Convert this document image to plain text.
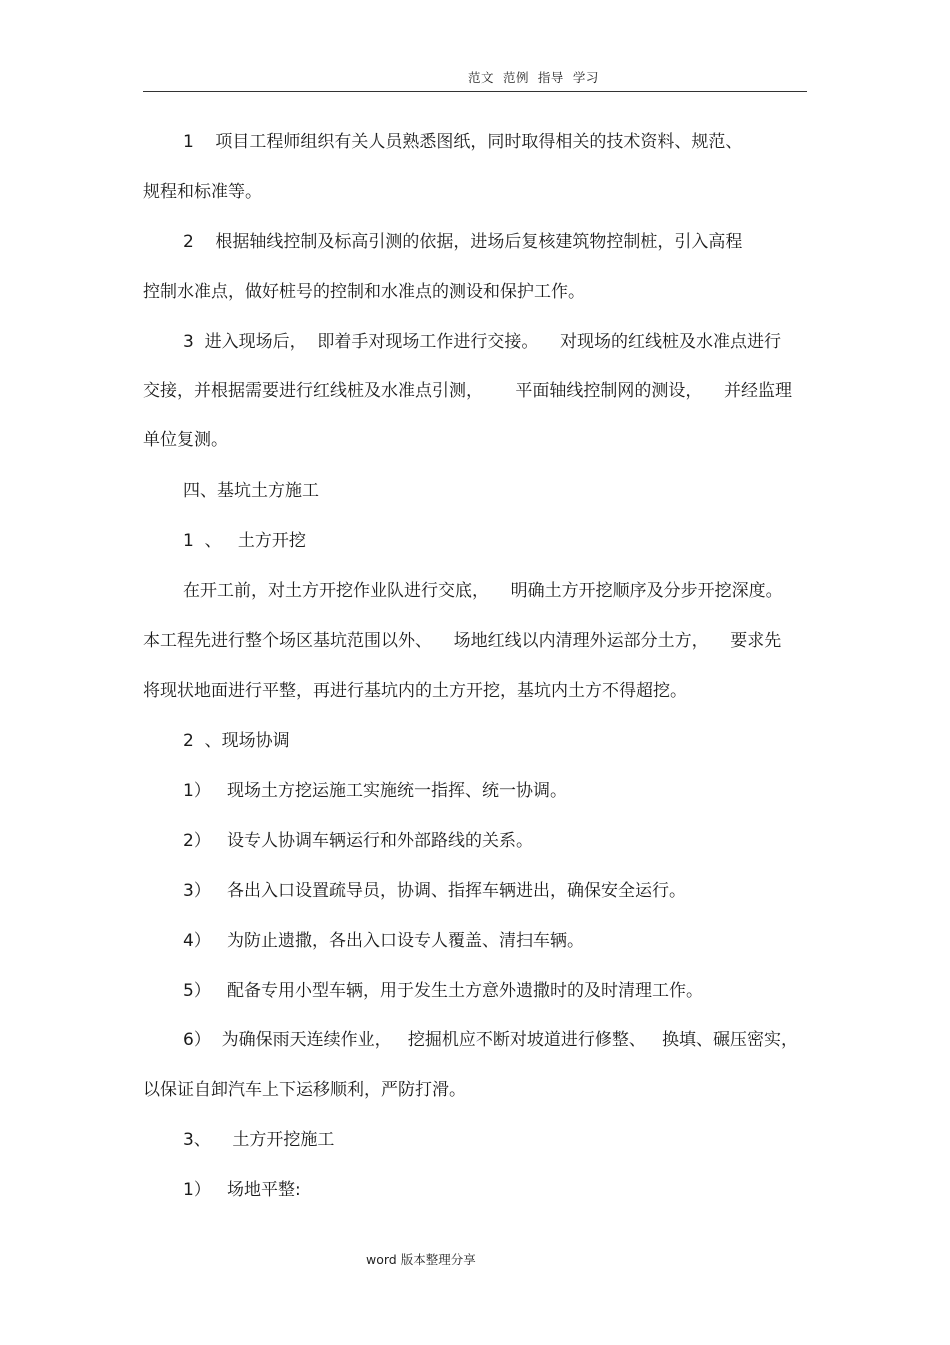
范文  范例  指导  学习
1    项目工程师组织有关人员熟悉图纸，同时取得相关的技术资料、规范、
规程和标准等。
2    根据轴线控制及标高引测的依据，进场后复核建筑物控制桩，引入高程
控制水准点，做好桩号的控制和水准点的测设和保护工作。
3  进入现场后，  即着手对现场工作进行交接。    对现场的红线桩及水准点进行
交接，并根据需要进行红线桩及水准点引测，      平面轴线控制网的测设，    并经监理
单位复测。
四、基坑土方施工
1  、   土方开挖
在开工前，对土方开挖作业队进行交底，    明确土方开挖顺序及分步开挖深度。
本工程先进行整个场区基坑范围以外、    场地红线以内清理外运部分土方，    要求先
将现状地面进行平整，再进行基坑内的土方开挖，基坑内土方不得超挖。
2  、现场协调
1）   现场土方挖运施工实施统一指挥、统一协调。
2）   设专人协调车辆运行和外部路线的关系。
3）   各出入口设置疏导员，协调、指挥车辆进出，确保安全运行。
4）   为防止遗撒，各出入口设专人覆盖、清扫车辆。
5）   配备专用小型车辆，用于发生土方意外遗撒时的及时清理工作。
6）  为确保雨天连续作业，   挖掘机应不断对坡道进行修整、   换填、碾压密实，
以保证自卸汽车上下运移顺利，严防打滑。
3、    土方开挖施工
1）   场地平整:
word 版本整理分享
